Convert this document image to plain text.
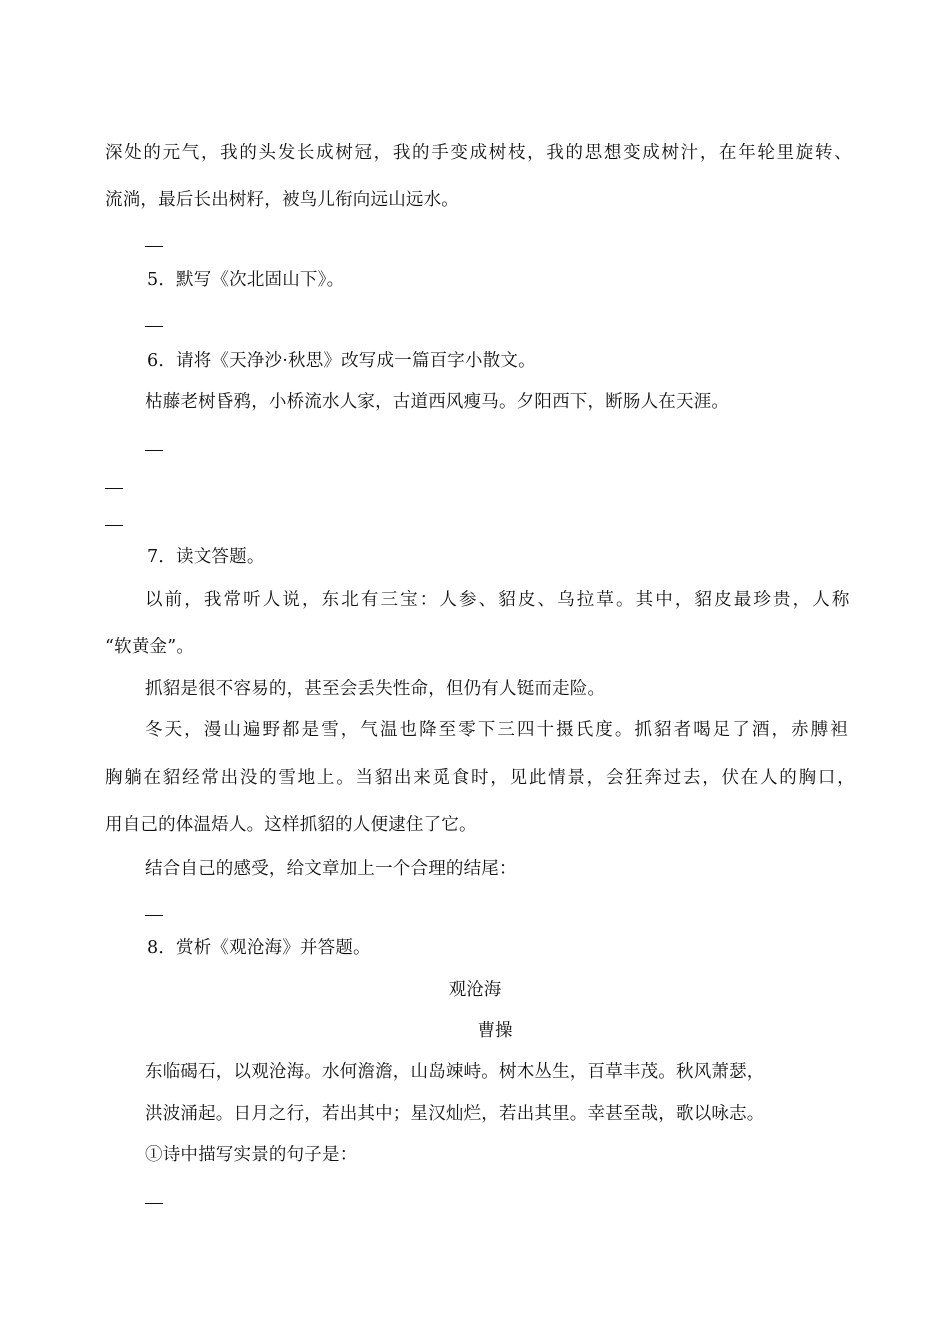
深 处 的 元 气 ， 我 的 头 发 长 成 树 冠 ， 我 的 手 变 成 树 枝 ， 我 的 思 想 变 成 树 汁 ， 在 年 轮 里 旋 转 、
流淌，最后长出树籽，被鸟儿衔向远山远水。
5．默写《次北固山下》。
6．请将《天净沙·秋思》改写成一篇百字小散文。
枯藤老树昏鸦，小桥流水人家，古道西风瘦马。夕阳西下，断肠人在天涯。
7．读文答题。
以 前 ， 我 常 听 人 说 ， 东 北 有 三 宝 ： 人 参 、 貂 皮 、 乌 拉 草 。 其 中 ， 貂 皮 最 珍 贵 ， 人 称
“软黄金”。
抓貂是很不容易的，甚至会丢失性命，但仍有人铤而走险。
冬 天 ， 漫 山 遍 野 都 是 雪 ， 气 温 也 降 至 零 下 三 四 十 摄 氏 度 。 抓 貂 者 喝 足 了 酒 ， 赤 膊 袒
胸 躺 在 貂 经 常 出 没 的 雪 地 上 。 当 貂 出 来 觅 食 时 ， 见 此 情 景 ， 会 狂 奔 过 去 ， 伏 在 人 的 胸 口 ，
用自己的体温焐人。这样抓貂的人便逮住了它。
结合自己的感受，给文章加上一个合理的结尾：
8．赏析《观沧海》并答题。
观沧海
曹操
东临碣石，以观沧海。水何澹澹，山岛竦峙。树木丛生，百草丰茂。秋风萧瑟，
洪波涌起。日月之行，若出其中；星汉灿烂，若出其里。幸甚至哉，歌以咏志。
①诗中描写实景的句子是：
